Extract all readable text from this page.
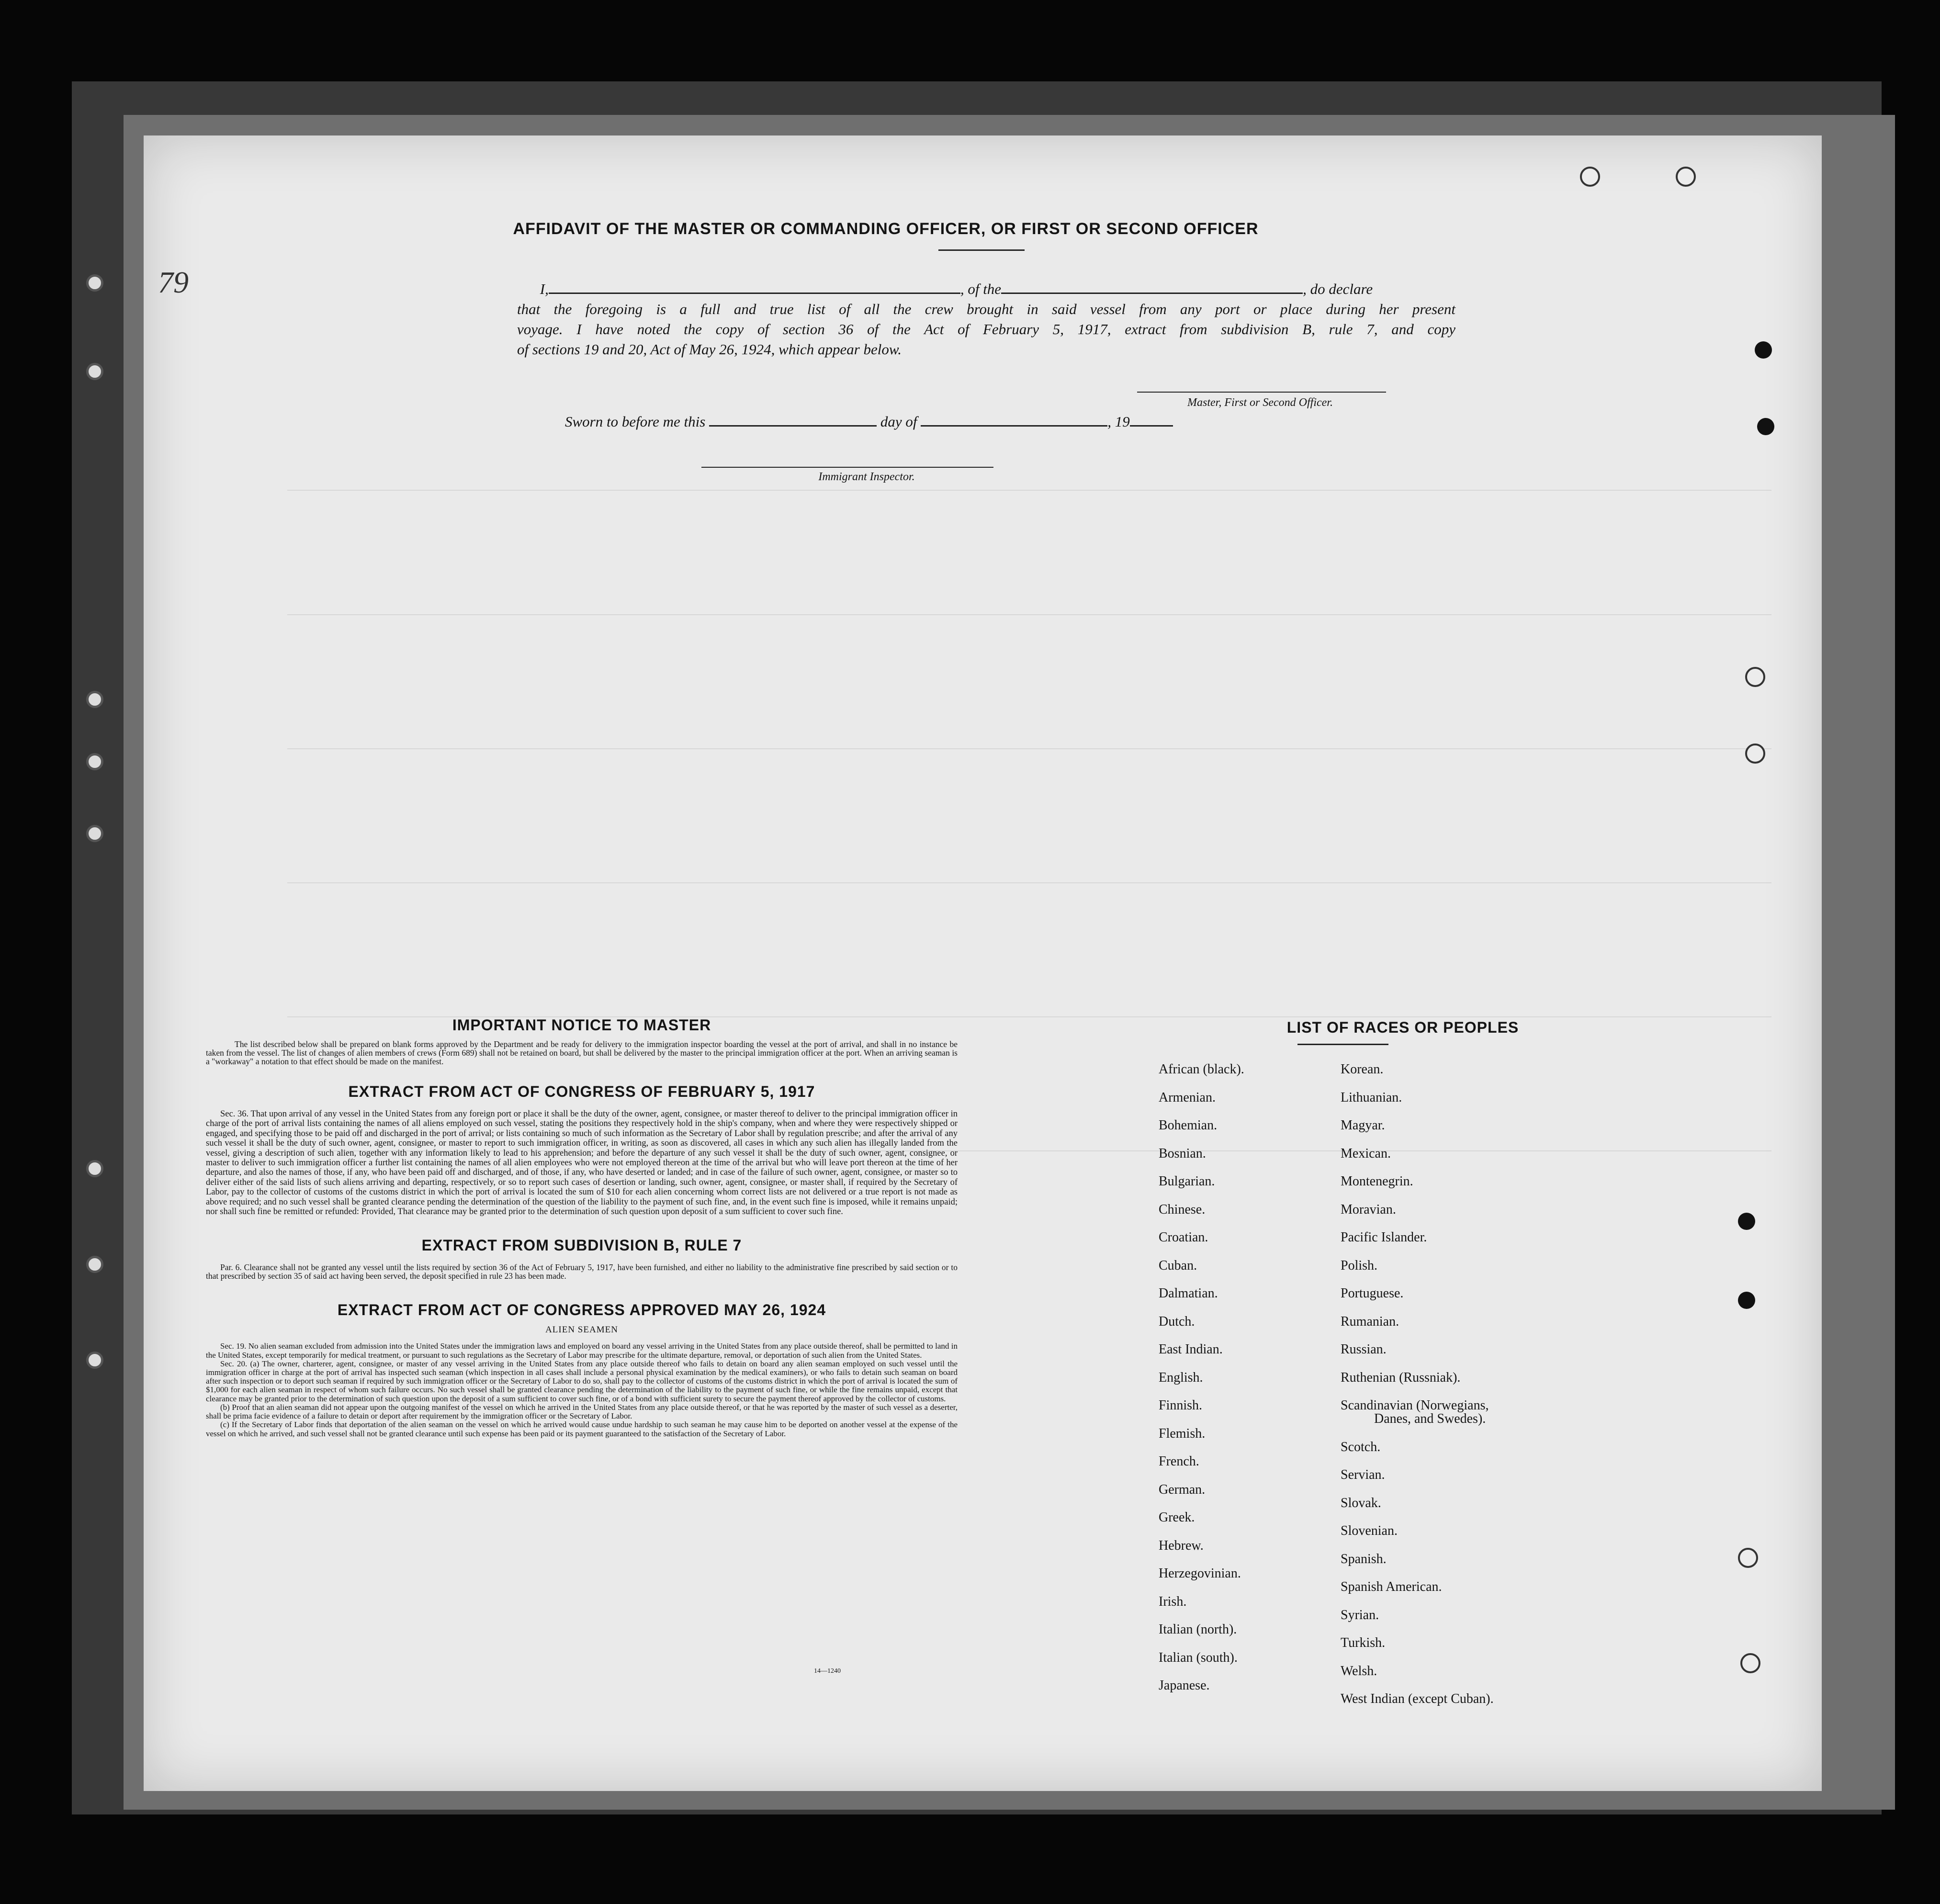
79
AFFIDAVIT OF THE MASTER OR COMMANDING OFFICER, OR FIRST OR SECOND OFFICER
I,	, of the	, do declare
that the foregoing is a full and true list of all the crew brought in said vessel from any port or place during her present
voyage. I have noted the copy of section 36 of the Act of February 5, 1917, extract from subdivision B, rule 7, and copy
of sections 19 and 20, Act of May 26, 1924, which appear below.
Master, First or Second Officer.
Sworn to before me this	day of	, 19
Immigrant Inspector.
IMPORTANT NOTICE TO MASTER
The list described below shall be prepared on blank forms approved by the Department and be ready for delivery to the immigration inspector boarding the vessel at the port of arrival, and shall in no instance be taken from the vessel. The list of changes of alien members of crews (Form 689) shall not be retained on board, but shall be delivered by the master to the principal immigration officer at the port. When an arriving seaman is a "workaway" a notation to that effect should be made on the manifest.
EXTRACT FROM ACT OF CONGRESS OF FEBRUARY 5, 1917
Sec. 36. That upon arrival of any vessel in the United States from any foreign port or place it shall be the duty of the owner, agent, consignee, or master thereof to deliver to the principal immigration officer in charge of the port of arrival lists containing the names of all aliens employed on such vessel, stating the positions they respectively hold in the ship's company, when and where they were respectively shipped or engaged, and specifying those to be paid off and discharged in the port of arrival; or lists containing so much of such information as the Secretary of Labor shall by regulation prescribe; and after the arrival of any such vessel it shall be the duty of such owner, agent, consignee, or master to report to such immigration officer, in writing, as soon as discovered, all cases in which any such alien has illegally landed from the vessel, giving a description of such alien, together with any information likely to lead to his apprehension; and before the departure of any such vessel it shall be the duty of such owner, agent, consignee, or master to deliver to such immigration officer a further list containing the names of all alien employees who were not employed thereon at the time of the arrival but who will leave port thereon at the time of her departure, and also the names of those, if any, who have been paid off and discharged, and of those, if any, who have deserted or landed; and in case of the failure of such owner, agent, consignee, or master so to deliver either of the said lists of such aliens arriving and departing, respectively, or so to report such cases of desertion or landing, such owner, agent, consignee, or master shall, if required by the Secretary of Labor, pay to the collector of customs of the customs district in which the port of arrival is located the sum of $10 for each alien concerning whom correct lists are not delivered or a true report is not made as above required; and no such vessel shall be granted clearance pending the determination of the question of the liability to the payment of such fine, and, in the event such fine is imposed, while it remains unpaid; nor shall such fine be remitted or refunded: Provided, That clearance may be granted prior to the determination of such question upon deposit of a sum sufficient to cover such fine.
EXTRACT FROM SUBDIVISION B, RULE 7
Par. 6. Clearance shall not be granted any vessel until the lists required by section 36 of the Act of February 5, 1917, have been furnished, and either no liability to the administrative fine prescribed by said section or to that prescribed by section 35 of said act having been served, the deposit specified in rule 23 has been made.
EXTRACT FROM ACT OF CONGRESS APPROVED MAY 26, 1924
ALIEN SEAMEN
Sec. 19. No alien seaman excluded from admission into the United States under the immigration laws and employed on board any vessel arriving in the United States from any place outside thereof, shall be permitted to land in the United States, except temporarily for medical treatment, or pursuant to such regulations as the Secretary of Labor may prescribe for the ultimate departure, removal, or deportation of such alien from the United States.
Sec. 20. (a) The owner, charterer, agent, consignee, or master of any vessel arriving in the United States from any place outside thereof who fails to detain on board any alien seaman employed on such vessel until the immigration officer in charge at the port of arrival has inspected such seaman (which inspection in all cases shall include a personal physical examination by the medical examiners), or who fails to detain such seaman on board after such inspection or to deport such seaman if required by such immigration officer or the Secretary of Labor to do so, shall pay to the collector of customs of the customs district in which the port of arrival is located the sum of $1,000 for each alien seaman in respect of whom such failure occurs. No such vessel shall be granted clearance pending the determination of the liability to the payment of such fine, or while the fine remains unpaid, except that clearance may be granted prior to the determination of such question upon the deposit of a sum sufficient to cover such fine, or of a bond with sufficient surety to secure the payment thereof approved by the collector of customs.
(b) Proof that an alien seaman did not appear upon the outgoing manifest of the vessel on which he arrived in the United States from any place outside thereof, or that he was reported by the master of such vessel as a deserter, shall be prima facie evidence of a failure to detain or deport after requirement by the immigration officer or the Secretary of Labor.
(c) If the Secretary of Labor finds that deportation of the alien seaman on the vessel on which he arrived would cause undue hardship to such seaman he may cause him to be deported on another vessel at the expense of the vessel on which he arrived, and such vessel shall not be granted clearance until such expense has been paid or its payment guaranteed to the satisfaction of the Secretary of Labor.
14—1240
LIST OF RACES OR PEOPLES
African (black).
Armenian.
Bohemian.
Bosnian.
Bulgarian.
Chinese.
Croatian.
Cuban.
Dalmatian.
Dutch.
East Indian.
English.
Finnish.
Flemish.
French.
German.
Greek.
Hebrew.
Herzegovinian.
Irish.
Italian (north).
Italian (south).
Japanese.
Korean.
Lithuanian.
Magyar.
Mexican.
Montenegrin.
Moravian.
Pacific Islander.
Polish.
Portuguese.
Rumanian.
Russian.
Ruthenian (Russniak).
Scandinavian (Norwegians,
Danes, and Swedes).
Scotch.
Servian.
Slovak.
Slovenian.
Spanish.
Spanish American.
Syrian.
Turkish.
Welsh.
West Indian (except Cuban).
